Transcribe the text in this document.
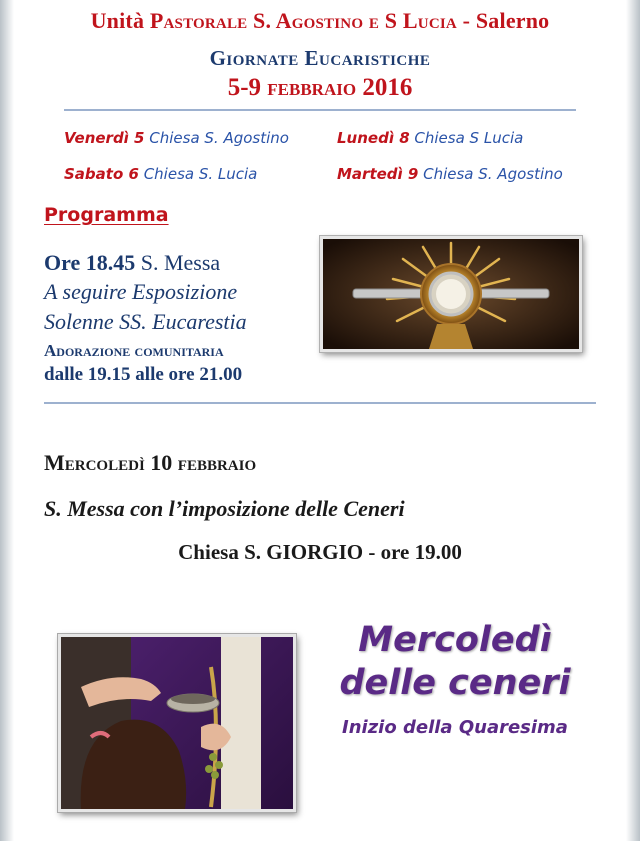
Unità Pastorale S. Agostino e S Lucia - Salerno
Giornate Eucaristiche
5-9 febbraio 2016
Venerdì 5 Chiesa S. Agostino
Sabato 6 Chiesa S. Lucia
Lunedì 8 Chiesa S Lucia
Martedì 9 Chiesa S. Agostino
Programma
Ore 18.45 S. Messa
A seguire Esposizione
Solenne SS. Eucarestia
Adorazione comunitaria
dalle 19.15 alle ore 21.00
Mercoledì 10 febbraio
S. Messa con l’imposizione delle Ceneri
Chiesa S. GIORGIO - ore 19.00
Mercoledì
delle ceneri
Inizio della Quaresima
